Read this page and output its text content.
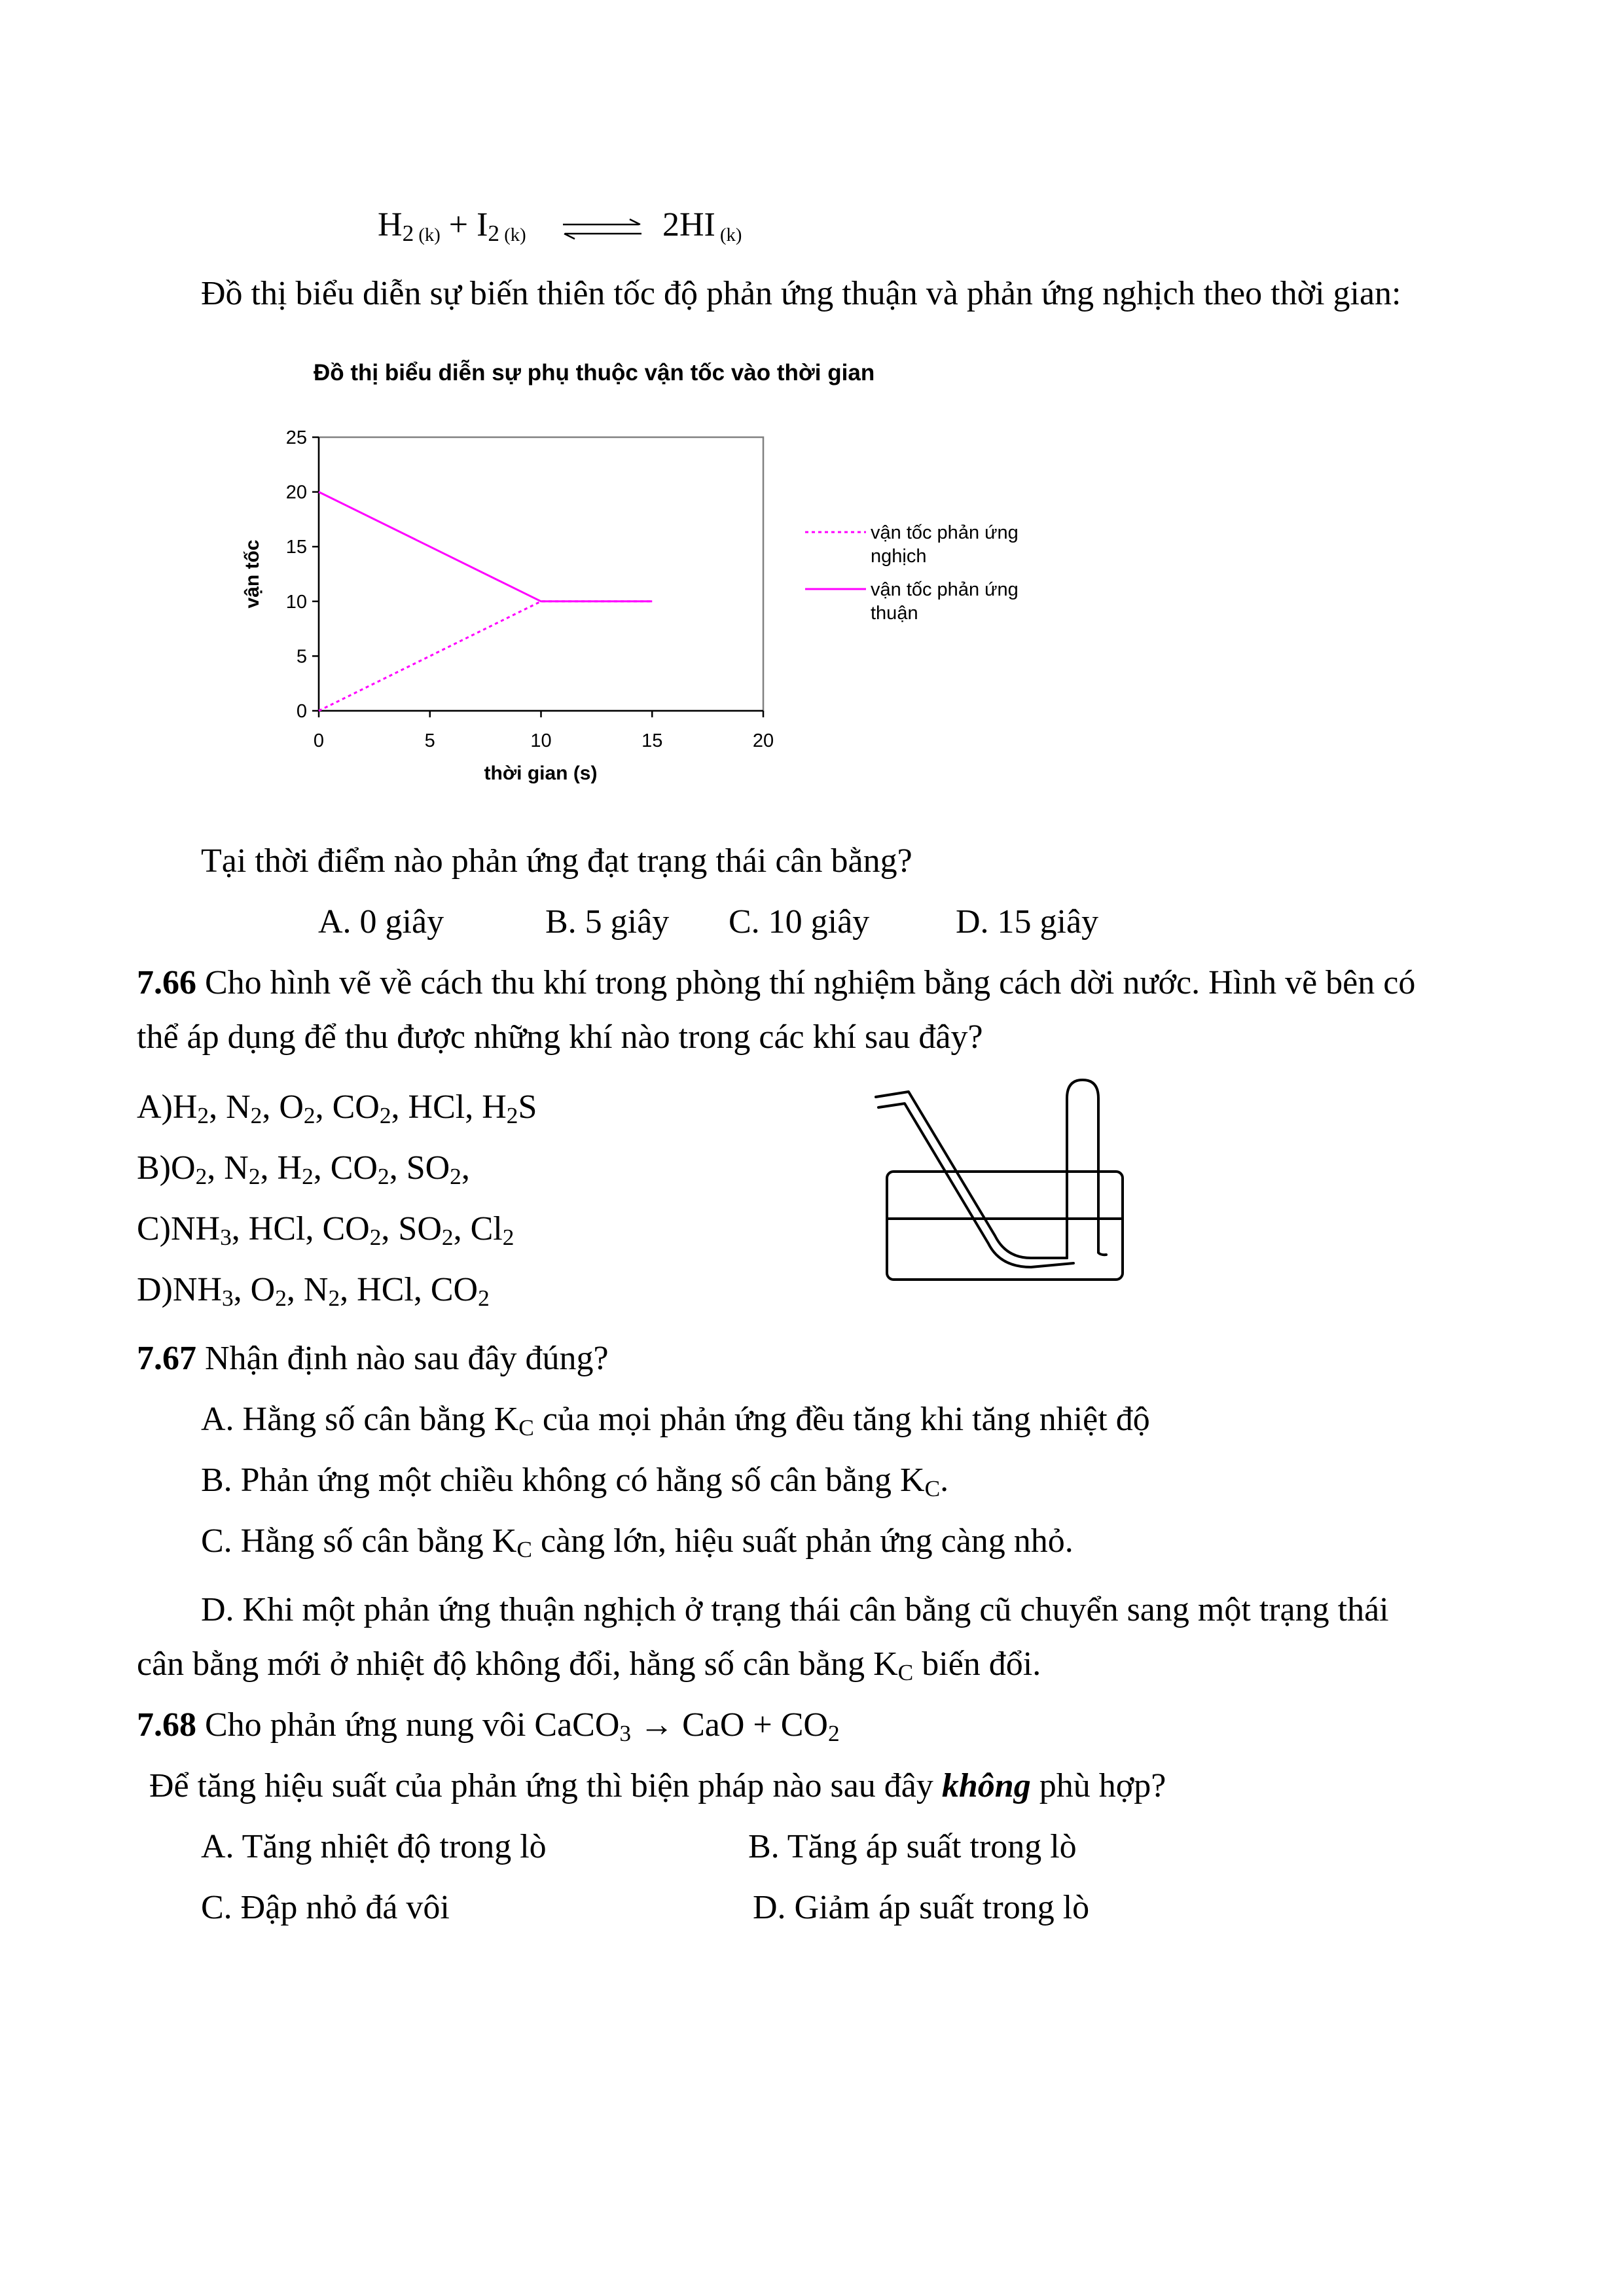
$H_2$ $(k) + I_2$ (k)	2HI (k)
Đồ thị biểu diễn sự biến thiên tốc độ phản ứng thuận và phản ứng nghịch theo thời gian:
Đồ thị biểu diễn sự phụ thuộc vận tốc vào thời gian
0
5
10
15
20
25
0	5	10	15	20
vận tốc
thời gian (s)
vận tốc phản ứng
nghịch
vận tốc phản ứng
thuận
Tại thời điểm nào phản ứng đạt trạng thái cân bằng?
A. 0 giây	B. 5 giây C. 10 giây	D. 15 giây
7.66 Cho hình vẽ về cách thu khí trong phòng thí nghiệm bằng cách dời nước. Hình vẽ bên có
thể áp dụng để thu được những khí nào trong các khí sau đây?
$A)H_2$, $N_2$, $O_2$, $CO_2$, HCl, $H_2S$
$B)O_2$, $N_2$, $H_2$, $CO_2$, $SO_2$,
$C)NH_3$, HCl, $CO_2$, $SO_2$, $Cl_2$
$D)NH_3$, $O_2$, $N_2$, HCl, $CO_2$
7.67 Nhận định nào sau đây đúng?
A. Hằng số cân bằng $K_C$ của mọi phản ứng đều tăng khi tăng nhiệt độ
B. Phản ứng một chiều không có hằng số cân bằng $K_C$.
C. Hằng số cân bằng $K_C$ càng lớn, hiệu suất phản ứng càng nhỏ.
D. Khi một phản ứng thuận nghịch ở trạng thái cân bằng cũ chuyển sang một trạng thái
cân bằng mới ở nhiệt độ không đổi, hằng số cân bằng $K_C$ biến đổi.
7.68 Cho phản ứng nung vôi CaCO$_3$ → CaO + $CO_2$
Để tăng hiệu suất của phản ứng thì biện pháp nào sau đây không phù hợp?
A. Tăng nhiệt độ trong lò	B. Tăng áp suất trong lò
C. Đập nhỏ đá vôi	D. Giảm áp suất trong lò
